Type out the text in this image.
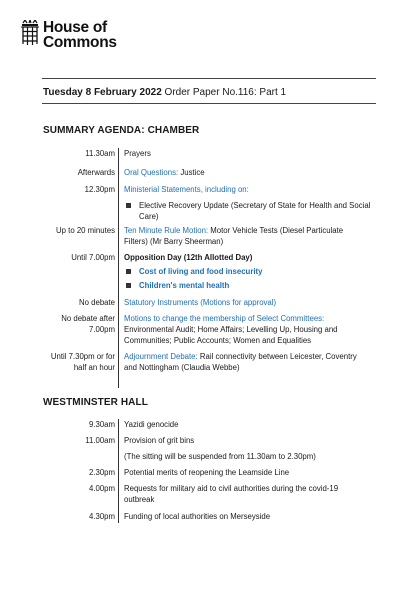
House of
Commons
Tuesday 8 February 2022 Order Paper No.116: Part 1
SUMMARY AGENDA: CHAMBER
11.30am Prayers
Afterwards Oral Questions: Justice
12.30pm Ministerial Statements, including on:
Elective Recovery Update (Secretary of State for Health and Social Care)
Up to 20 minutes Ten Minute Rule Motion: Motor Vehicle Tests (Diesel Particulate Filters) (Mr Barry Sheerman)
Until 7.00pm Opposition Day (12th Allotted Day)
Cost of living and food insecurity
Children's mental health
No debate Statutory Instruments (Motions for approval)
No debate after
7.00pm
Motions to change the membership of Select Committees: Environmental Audit; Home Affairs; Levelling Up, Housing and Communities; Public Accounts; Women and Equalities
Until 7.30pm or for
half an hour
Adjournment Debate: Rail connectivity between Leicester, Coventry and Nottingham (Claudia Webbe)
WESTMINSTER HALL
9.30am Yazidi genocide
11.00am Provision of grit bins
(The sitting will be suspended from 11.30am to 2.30pm)
2.30pm Potential merits of reopening the Leamside Line
4.00pm Requests for military aid to civil authorities during the covid-19 outbreak
4.30pm Funding of local authorities on Merseyside
